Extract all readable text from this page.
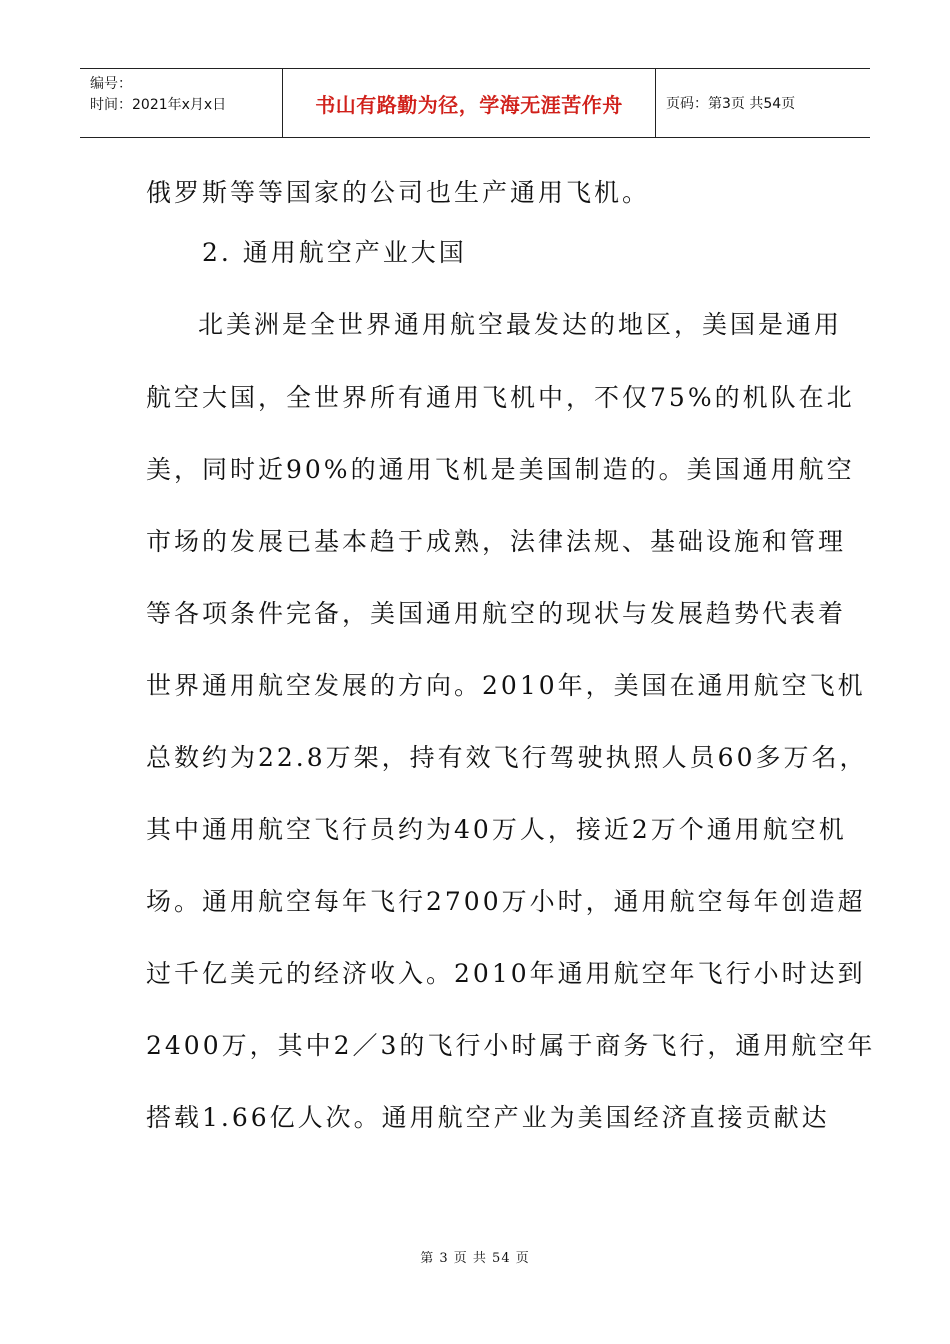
编号：
时间：2021年x月x日	书山有路勤为径，学海无涯苦作舟	页码：第3页 共54页
俄罗斯等等国家的公司也生产通用飞机。
2. 通用航空产业大国
北美洲是全世界通用航空最发达的地区，美国是通用
航空大国，全世界所有通用飞机中，不仅75%的机队在北
美，同时近90%的通用飞机是美国制造的。美国通用航空
市场的发展已基本趋于成熟，法律法规、基础设施和管理
等各项条件完备，美国通用航空的现状与发展趋势代表着
世界通用航空发展的方向。2010年，美国在通用航空飞机
总数约为22.8万架，持有效飞行驾驶执照人员60多万名，
其中通用航空飞行员约为40万人，接近2万个通用航空机
场。通用航空每年飞行2700万小时，通用航空每年创造超
过千亿美元的经济收入。2010年通用航空年飞行小时达到
2400万，其中2／3的飞行小时属于商务飞行，通用航空年
搭载1.66亿人次。通用航空产业为美国经济直接贡献达
第 3 页 共 54 页
